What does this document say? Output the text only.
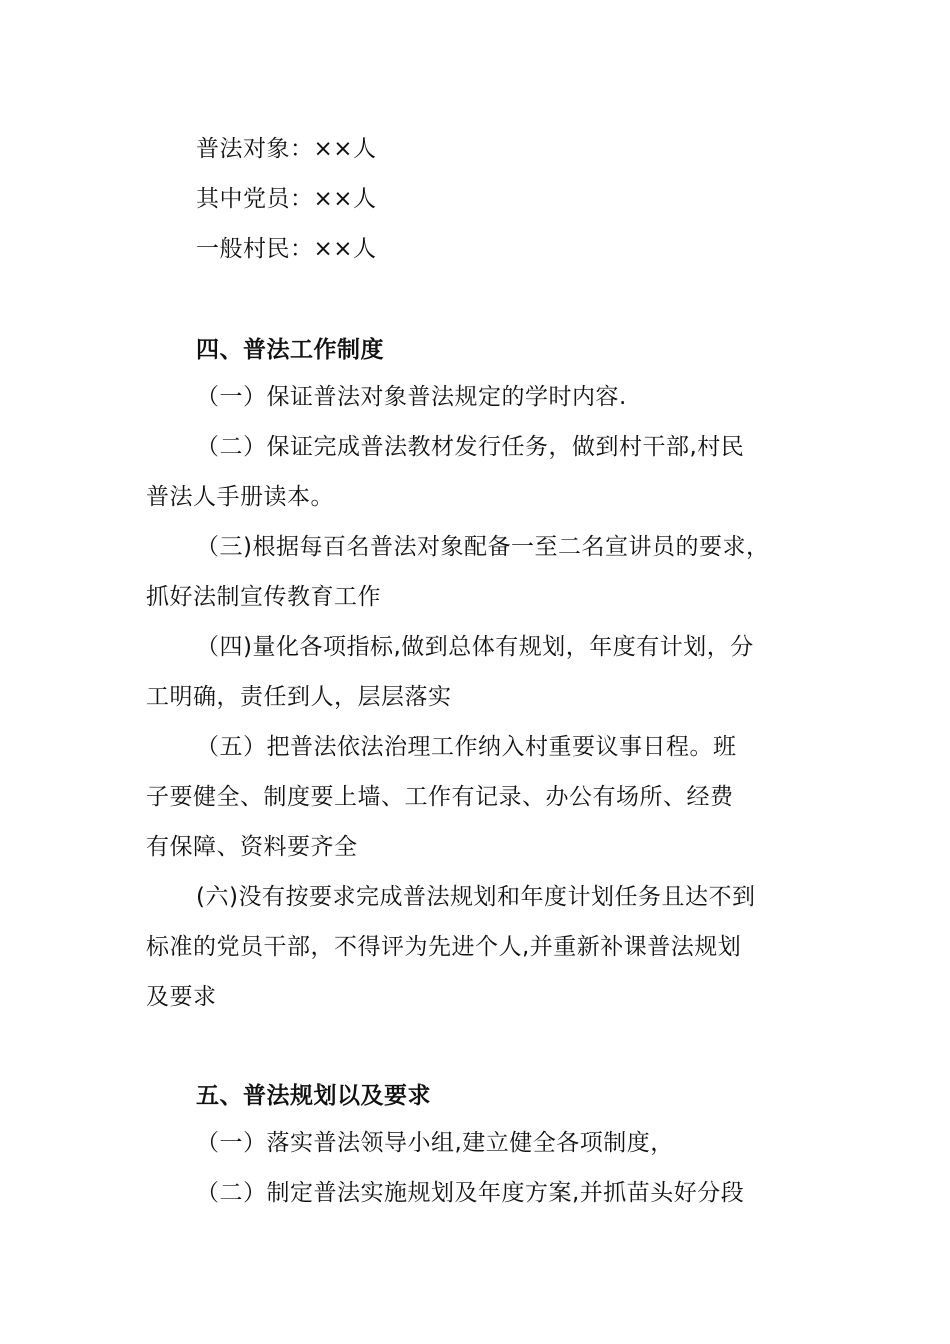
普法对象：××人
其中党员：××人
一般村民：××人
四、普法工作制度
（一）保证普法对象普法规定的学时内容.
（二）保证完成普法教材发行任务，做到村干部,村民
普法人手册读本。
（三)根据每百名普法对象配备一至二名宣讲员的要求，
抓好法制宣传教育工作
（四)量化各项指标,做到总体有规划，年度有计划，分
工明确，责任到人，层层落实
（五）把普法依法治理工作纳入村重要议事日程。班
子要健全、制度要上墙、工作有记录、办公有场所、经费
有保障、资料要齐全
(六)没有按要求完成普法规划和年度计划任务且达不到
标准的党员干部，不得评为先进个人,并重新补课普法规划
及要求
五、普法规划以及要求
（一）落实普法领导小组,建立健全各项制度，
（二）制定普法实施规划及年度方案,并抓苗头好分段
